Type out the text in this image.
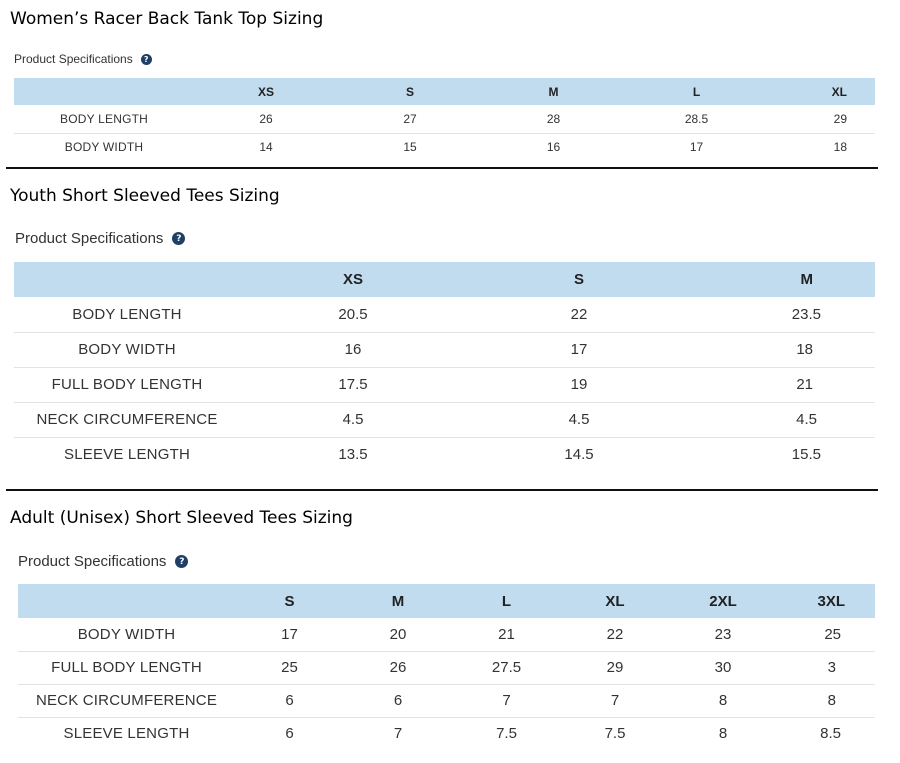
Women’s Racer Back Tank Top Sizing
Product Specifications	?
	XS	S	M	L	XL
BODY LENGTH	26	27	28	28.5	29
BODY WIDTH	14	15	16	17	18
Youth Short Sleeved Tees Sizing
Product Specifications	?
	XS	S	M
BODY LENGTH	20.5	22	23.5
BODY WIDTH	16	17	18
FULL BODY LENGTH	17.5	19	21
NECK CIRCUMFERENCE	4.5	4.5	4.5
SLEEVE LENGTH	13.5	14.5	15.5
Adult (Unisex) Short Sleeved Tees Sizing
Product Specifications	?
	S	M	L	XL	2XL	3XL
BODY WIDTH	17	20	21	22	23	25
FULL BODY LENGTH	25	26	27.5	29	30	3
NECK CIRCUMFERENCE	6	6	7	7	8	8
SLEEVE LENGTH	6	7	7.5	7.5	8	8.5
